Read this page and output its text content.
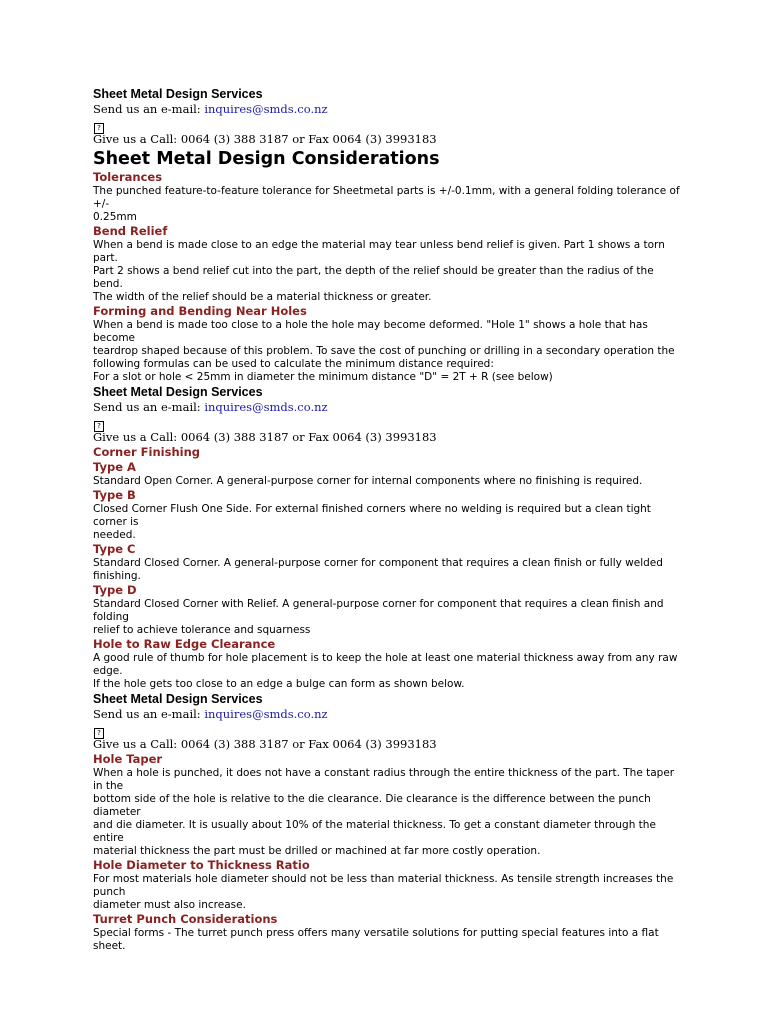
Sheet Metal Design Services

Send us an e-mail: inquires@smds.co.nz

?

Give us a Call: 0064 (3) 388 3187 or Fax 0064 (3) 3993183

Sheet Metal Design Considerations
Tolerances

The punched feature-to-feature tolerance for Sheetmetal parts is +/-0.1mm, with a general folding tolerance of +/-
0.25mm

Bend Relief

When a bend is made close to an edge the material may tear unless bend relief is given. Part 1 shows a torn part.
Part 2 shows a bend relief cut into the part, the depth of the relief should be greater than the radius of the bend.
The width of the relief should be a material thickness or greater.

Forming and Bending Near Holes

When a bend is made too close to a hole the hole may become deformed. "Hole 1" shows a hole that has become
teardrop shaped because of this problem. To save the cost of punching or drilling in a secondary operation the
following formulas can be used to calculate the minimum distance required:
For a slot or hole < 25mm in diameter the minimum distance "D" = 2T + R (see below)

Sheet Metal Design Services

Send us an e-mail: inquires@smds.co.nz

?

Give us a Call: 0064 (3) 388 3187 or Fax 0064 (3) 3993183

Corner Finishing
Type A

Standard Open Corner. A general-purpose corner for internal components where no finishing is required.

Type B

Closed Corner Flush One Side. For external finished corners where no welding is required but a clean tight corner is
needed.

Type C

Standard Closed Corner. A general-purpose corner for component that requires a clean finish or fully welded
finishing.

Type D

Standard Closed Corner with Relief. A general-purpose corner for component that requires a clean finish and folding
relief to achieve tolerance and squarness

Hole to Raw Edge Clearance

A good rule of thumb for hole placement is to keep the hole at least one material thickness away from any raw edge.
If the hole gets too close to an edge a bulge can form as shown below.

Sheet Metal Design Services

Send us an e-mail: inquires@smds.co.nz

?

Give us a Call: 0064 (3) 388 3187 or Fax 0064 (3) 3993183

Hole Taper

When a hole is punched, it does not have a constant radius through the entire thickness of the part. The taper in the
bottom side of the hole is relative to the die clearance. Die clearance is the difference between the punch diameter
and die diameter. It is usually about 10% of the material thickness. To get a constant diameter through the entire
material thickness the part must be drilled or machined at far more costly operation.

Hole Diameter to Thickness Ratio

For most materials hole diameter should not be less than material thickness. As tensile strength increases the punch
diameter must also increase.

Turret Punch Considerations

Special forms - The turret punch press offers many versatile solutions for putting special features into a flat
sheet.
